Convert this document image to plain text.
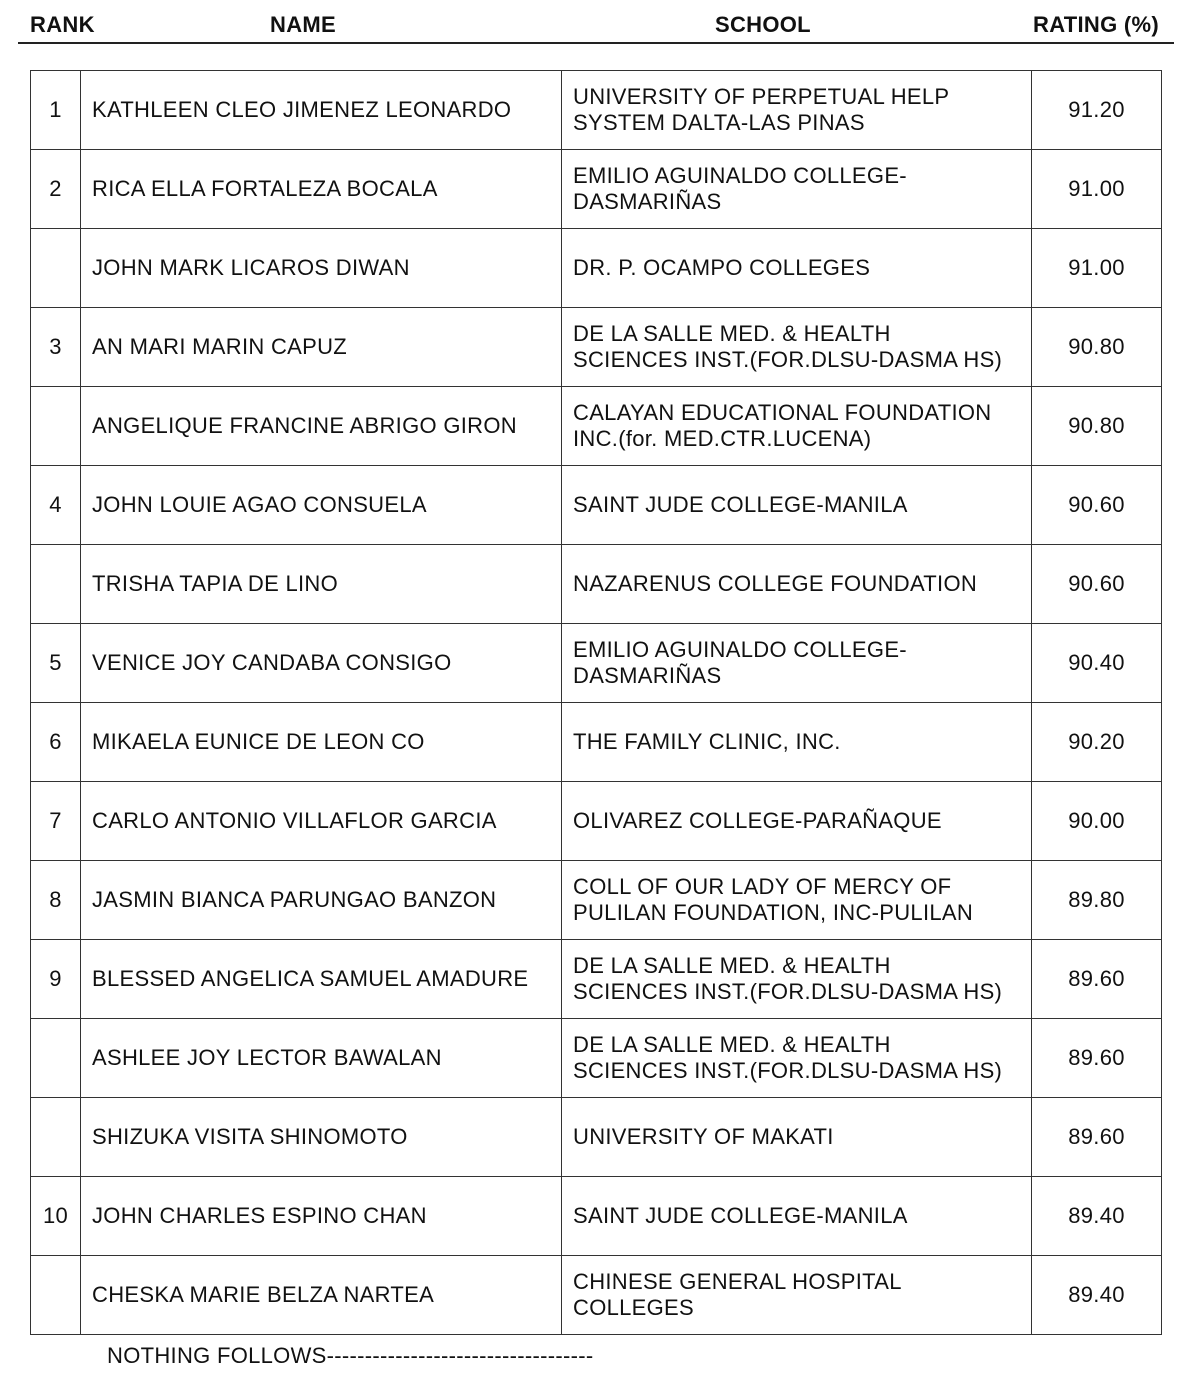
RANK	NAME	SCHOOL	RATING (%)
1	KATHLEEN CLEO JIMENEZ LEONARDO	UNIVERSITY OF PERPETUAL HELP
SYSTEM DALTA-LAS PINAS	91.20
2	RICA ELLA FORTALEZA BOCALA	EMILIO AGUINALDO COLLEGE-
DASMARIÑAS	91.00
	JOHN MARK LICAROS DIWAN	DR. P. OCAMPO COLLEGES	91.00
3	AN MARI MARIN CAPUZ	DE LA SALLE MED. & HEALTH
SCIENCES INST.(FOR.DLSU-DASMA HS)	90.80
	ANGELIQUE FRANCINE ABRIGO GIRON	CALAYAN EDUCATIONAL FOUNDATION
INC.(for. MED.CTR.LUCENA)	90.80
4	JOHN LOUIE AGAO CONSUELA	SAINT JUDE COLLEGE-MANILA	90.60
	TRISHA TAPIA DE LINO	NAZARENUS COLLEGE FOUNDATION	90.60
5	VENICE JOY CANDABA CONSIGO	EMILIO AGUINALDO COLLEGE-
DASMARIÑAS	90.40
6	MIKAELA EUNICE DE LEON CO	THE FAMILY CLINIC, INC.	90.20
7	CARLO ANTONIO VILLAFLOR GARCIA	OLIVAREZ COLLEGE-PARAÑAQUE	90.00
8	JASMIN BIANCA PARUNGAO BANZON	COLL OF OUR LADY OF MERCY OF
PULILAN FOUNDATION, INC-PULILAN	89.80
9	BLESSED ANGELICA SAMUEL AMADURE	DE LA SALLE MED. & HEALTH
SCIENCES INST.(FOR.DLSU-DASMA HS)	89.60
	ASHLEE JOY LECTOR BAWALAN	DE LA SALLE MED. & HEALTH
SCIENCES INST.(FOR.DLSU-DASMA HS)	89.60
	SHIZUKA VISITA SHINOMOTO	UNIVERSITY OF MAKATI	89.60
10	JOHN CHARLES ESPINO CHAN	SAINT JUDE COLLEGE-MANILA	89.40
	CHESKA MARIE BELZA NARTEA	CHINESE GENERAL HOSPITAL
COLLEGES	89.40
NOTHING FOLLOWS-----------------------------------
